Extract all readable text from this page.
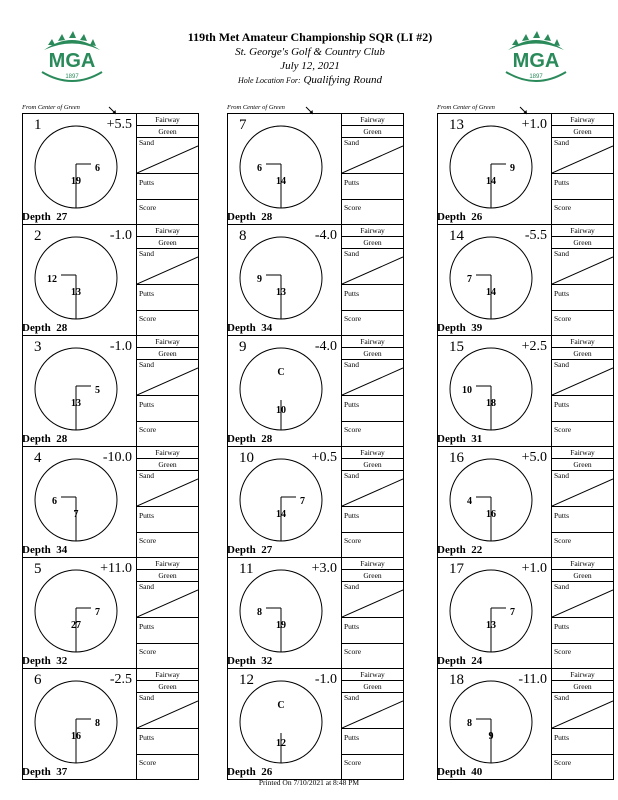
MGA
1897
MGA
1897
119th Met Amateur Championship SQR (LI #2)
St. George's Golf & Country Club
July 12, 2021
Hole Location For: Qualifying Round
From Center of Green
1	+5.5
6
19
Depth 27
Fairway
Green
Sand
Putts
Score
2	-1.0
12
13
Depth 28
Fairway
Green
Sand
Putts
Score
3	-1.0
5
13
Depth 28
Fairway
Green
Sand
Putts
Score
4	-10.0
6
7
Depth 34
Fairway
Green
Sand
Putts
Score
5	+11.0
7
27
Depth 32
Fairway
Green
Sand
Putts
Score
6	-2.5
8
16
Depth 37
Fairway
Green
Sand
Putts
Score
From Center of Green
7
6
14
Depth 28
Fairway
Green
Sand
Putts
Score
8	-4.0
9
13
Depth 34
Fairway
Green
Sand
Putts
Score
9	-4.0
C
10
Depth 28
Fairway
Green
Sand
Putts
Score
10	+0.5
7
14
Depth 27
Fairway
Green
Sand
Putts
Score
11	+3.0
8
19
Depth 32
Fairway
Green
Sand
Putts
Score
12	-1.0
C
12
Depth 26
Fairway
Green
Sand
Putts
Score
From Center of Green
13	+1.0
9
14
Depth 26
Fairway
Green
Sand
Putts
Score
14	-5.5
7
14
Depth 39
Fairway
Green
Sand
Putts
Score
15	+2.5
10
18
Depth 31
Fairway
Green
Sand
Putts
Score
16	+5.0
4
16
Depth 22
Fairway
Green
Sand
Putts
Score
17	+1.0
7
13
Depth 24
Fairway
Green
Sand
Putts
Score
18	-11.0
8
9
Depth 40
Fairway
Green
Sand
Putts
Score
Printed On 7/10/2021 at 8:48 PM
